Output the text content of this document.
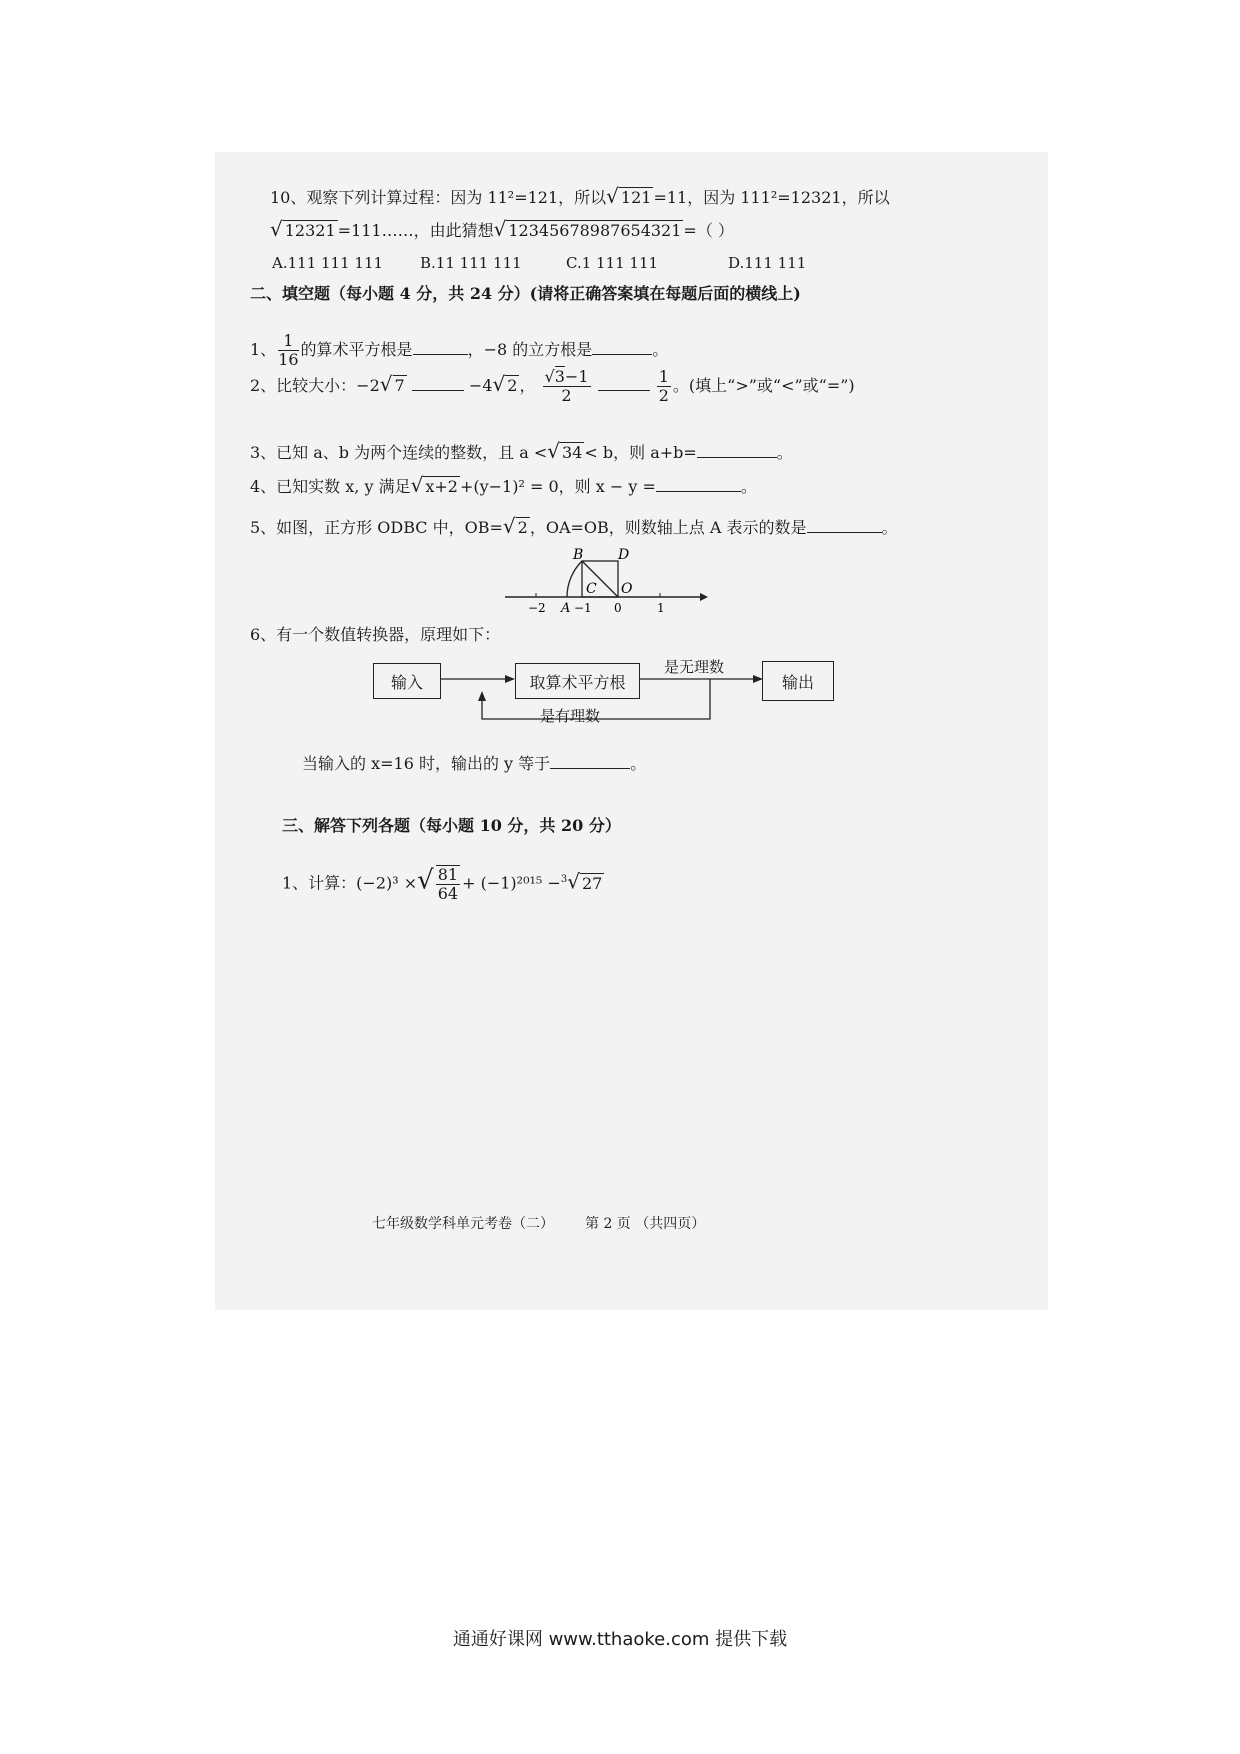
10、观察下列计算过程：因为 11²=121，所以√ 121 =11，因为 111²=12321，所以
√ 12321 =111……，由此猜想√ 12345678987654321 =（ ）
A.111 111 111 B.11 111 111	C.1 111 111	D.111 111
二、填空题（每小题 4 分，共 24 分）(请将正确答案填在每题后面的横线上)
1、 $\frac{1}{16}$ 的算术平方根是	，−8 的立方根是	。
2、比较大小：−2√ 7	−4√ 2 ， $\frac{√3-1}{2}$
	$\frac{1}{2}$ 。(填上“>”或“<”或“=”)
3、已知 a、b 为两个连续的整数，且 a <√ 34 < b，则 a+b=	。
4、已知实数 x, y 满足√ x+2 +(y−1)² = 0，则 x − y =	。
5、如图，正方形 ODBC 中，OB=√ 2 ，OA=OB，则数轴上点 A 表示的数是	。
B D
C O
A
−2 −1 0	1
6、有一个数值转换器，原理如下：
输入	取算术平方根	输出
是无理数
是有理数
当输入的 x=16 时，输出的 y 等于	。
三、解答下列各题（每小题 10 分，共 20 分）
1、计算：(−2)³ ×√ $\frac{81}{64} + (-1)^{2015} -^3√$ 27
七年级数学科单元考卷（二） 第 2 页 （共四页）
通通好课网 www.tthaoke.com 提供下载
